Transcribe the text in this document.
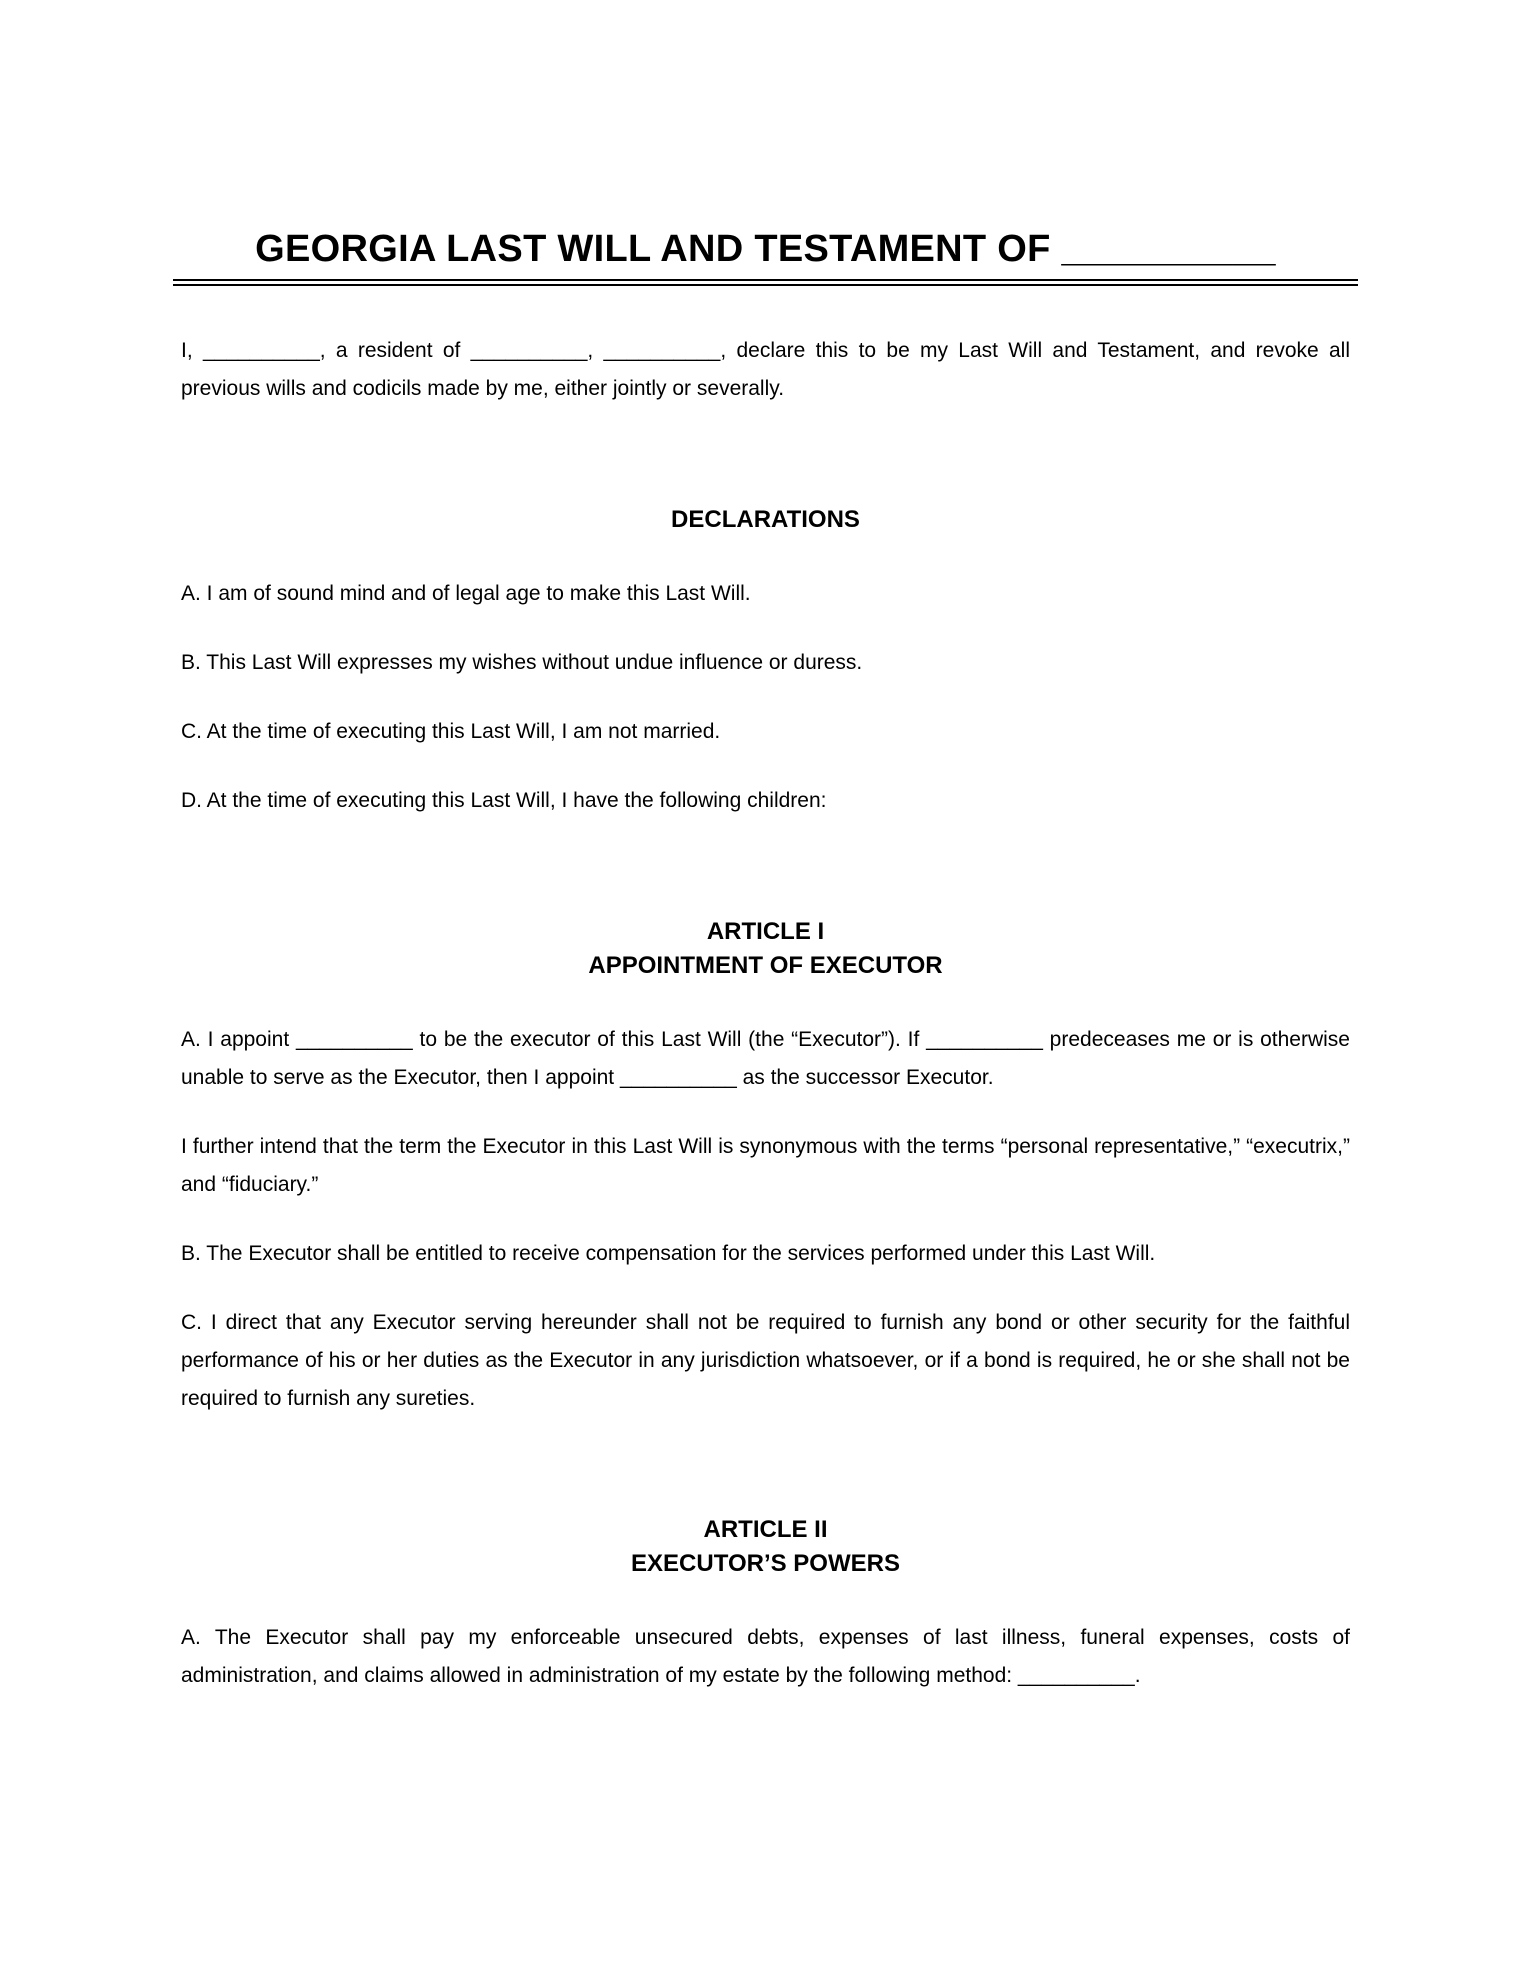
GEORGIA LAST WILL AND TESTAMENT OF __________

I, __________, a resident of __________, __________, declare this to be my Last Will and Testament, and revoke all previous wills and codicils made by me, either jointly or severally.

DECLARATIONS

A. I am of sound mind and of legal age to make this Last Will.

B. This Last Will expresses my wishes without undue influence or duress.

C. At the time of executing this Last Will, I am not married.

D. At the time of executing this Last Will, I have the following children:

ARTICLE I
APPOINTMENT OF EXECUTOR

A. I appoint __________ to be the executor of this Last Will (the “Executor”). If __________ predeceases me or is otherwise unable to serve as the Executor, then I appoint __________ as the successor Executor.

I further intend that the term the Executor in this Last Will is synonymous with the terms “personal representative,” “executrix,” and “fiduciary.”

B. The Executor shall be entitled to receive compensation for the services performed under this Last Will.

C. I direct that any Executor serving hereunder shall not be required to furnish any bond or other security for the faithful performance of his or her duties as the Executor in any jurisdiction whatsoever, or if a bond is required, he or she shall not be required to furnish any sureties.

ARTICLE II
EXECUTOR’S POWERS

A. The Executor shall pay my enforceable unsecured debts, expenses of last illness, funeral expenses, costs of administration, and claims allowed in administration of my estate by the following method: __________.
